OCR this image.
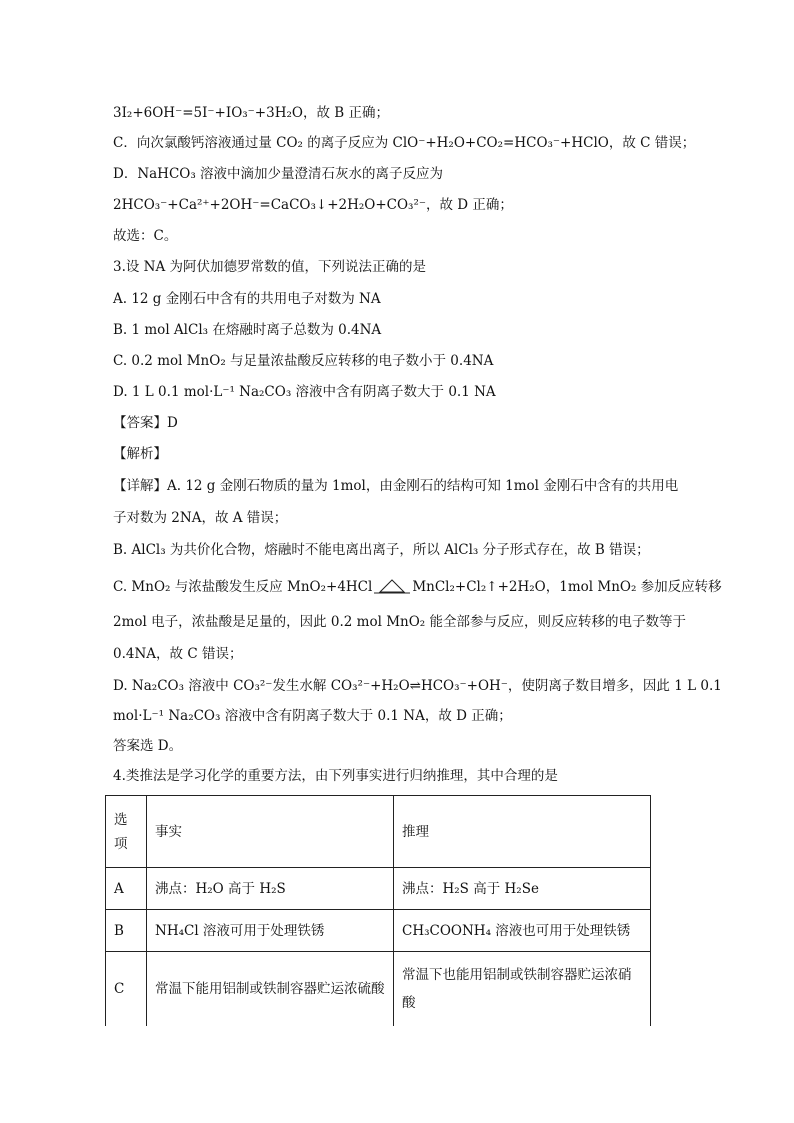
3I₂+6OH⁻=5I⁻+IO₃⁻+3H₂O，故 B 正确；
C．向次氯酸钙溶液通过量 CO₂ 的离子反应为 ClO⁻+H₂O+CO₂=HCO₃⁻+HClO，故 C 错误；
D．NaHCO₃ 溶液中滴加少量澄清石灰水的离子反应为
2HCO₃⁻+Ca²⁺+2OH⁻=CaCO₃↓+2H₂O+CO₃²⁻，故 D 正确；
故选：C。
3.设 NA 为阿伏加德罗常数的值，下列说法正确的是
A. 12 g 金刚石中含有的共用电子对数为 NA
B. 1 mol AlCl₃ 在熔融时离子总数为 0.4NA
C. 0.2 mol MnO₂ 与足量浓盐酸反应转移的电子数小于 0.4NA
D. 1 L 0.1 mol·L⁻¹ Na₂CO₃ 溶液中含有阴离子数大于 0.1 NA
【答案】D
【解析】
【详解】A. 12 g 金刚石物质的量为 1mol，由金刚石的结构可知 1mol 金刚石中含有的共用电
子对数为 2NA，故 A 错误；
B. AlCl₃ 为共价化合物，熔融时不能电离出离子，所以 AlCl₃ 分子形式存在，故 B 错误；
C. MnO₂ 与浓盐酸发生反应 MnO₂+4HCl	MnCl₂+Cl₂↑+2H₂O，1mol MnO₂ 参加反应转移
2mol 电子，浓盐酸是足量的，因此 0.2 mol MnO₂ 能全部参与反应，则反应转移的电子数等于
0.4NA，故 C 错误；
D. Na₂CO₃ 溶液中 CO₃²⁻发生水解 CO₃²⁻+H₂O⇌HCO₃⁻+OH⁻，使阴离子数目增多，因此 1 L 0.1
mol·L⁻¹ Na₂CO₃ 溶液中含有阴离子数大于 0.1 NA，故 D 正确；
答案选 D。
4.类推法是学习化学的重要方法，由下列事实进行归纳推理，其中合理的是
选项	事实	推理
A	沸点：H₂O 高于 H₂S	沸点：H₂S 高于 H₂Se
B	NH₄Cl 溶液可用于处理铁锈	CH₃COONH₄ 溶液也可用于处理铁锈
C	常温下能用铝制或铁制容器贮运浓硫酸	常温下也能用铝制或铁制容器贮运浓硝酸
